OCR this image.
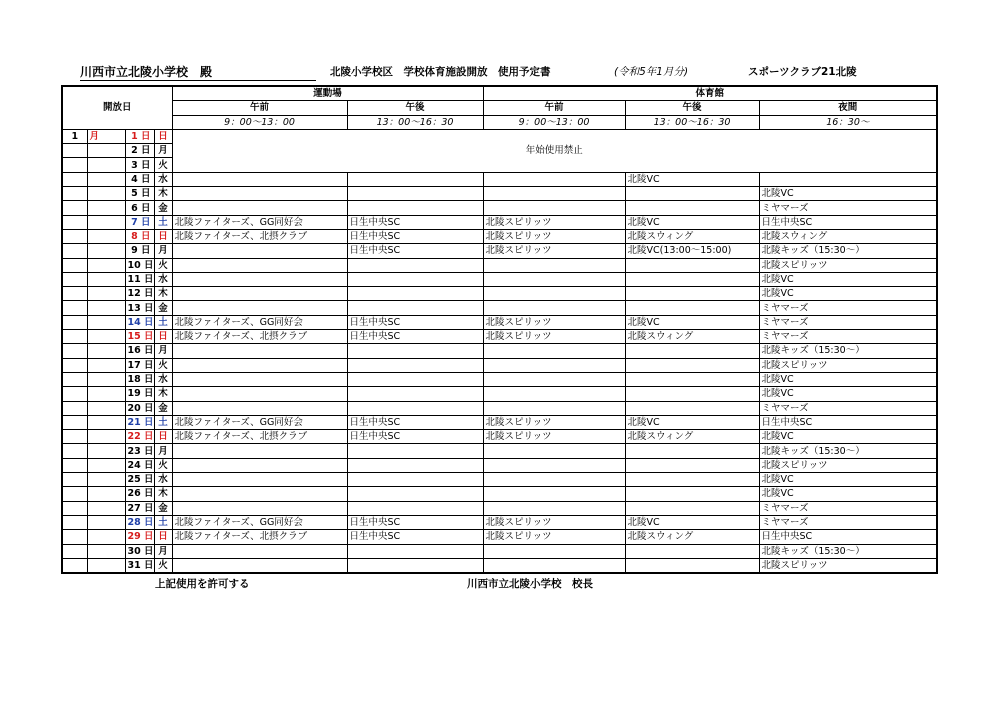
川西市立北陵小学校　殿	北陵小学校区　学校体育施設開放　使用予定書	(令和5年1月分)	スポーツクラブ21北陵
開放日				運動場		体育館		
				午前	午後	午前	午後	夜間
				9：00～13：00	13：00～16：30	9：00～13：00	13：00～16：30	16：30～
1	月	1 日	日	年始使用禁止				
		2 日	月					
		3 日	火					
		4 日	水				北陵VC	
		5 日	木					北陵VC
		6 日	金					ミヤマーズ
		7 日	土	北陵ファイターズ、GG同好会	日生中央SC	北陵スピリッツ	北陵VC	日生中央SC
		8 日	日	北陵ファイターズ、北摂クラブ	日生中央SC	北陵スピリッツ	北陵スウィング	北陵スウィング
		9 日	月		日生中央SC	北陵スピリッツ	北陵VC(13:00～15:00)	北陵キッズ（15:30～）
		10 日	火					北陵スピリッツ
		11 日	水					北陵VC
		12 日	木					北陵VC
		13 日	金					ミヤマーズ
		14 日	土	北陵ファイターズ、GG同好会	日生中央SC	北陵スピリッツ	北陵VC	ミヤマーズ
		15 日	日	北陵ファイターズ、北摂クラブ	日生中央SC	北陵スピリッツ	北陵スウィング	ミヤマーズ
		16 日	月					北陵キッズ（15:30～）
		17 日	火					北陵スピリッツ
		18 日	水					北陵VC
		19 日	木					北陵VC
		20 日	金					ミヤマーズ
		21 日	土	北陵ファイターズ、GG同好会	日生中央SC	北陵スピリッツ	北陵VC	日生中央SC
		22 日	日	北陵ファイターズ、北摂クラブ	日生中央SC	北陵スピリッツ	北陵スウィング	北陵VC
		23 日	月					北陵キッズ（15:30～）
		24 日	火					北陵スピリッツ
		25 日	水					北陵VC
		26 日	木					北陵VC
		27 日	金					ミヤマーズ
		28 日	土	北陵ファイターズ、GG同好会	日生中央SC	北陵スピリッツ	北陵VC	ミヤマーズ
		29 日	日	北陵ファイターズ、北摂クラブ	日生中央SC	北陵スピリッツ	北陵スウィング	日生中央SC
		30 日	月					北陵キッズ（15:30～）
		31 日	火					北陵スピリッツ
上記使用を許可する	川西市立北陵小学校　校長
